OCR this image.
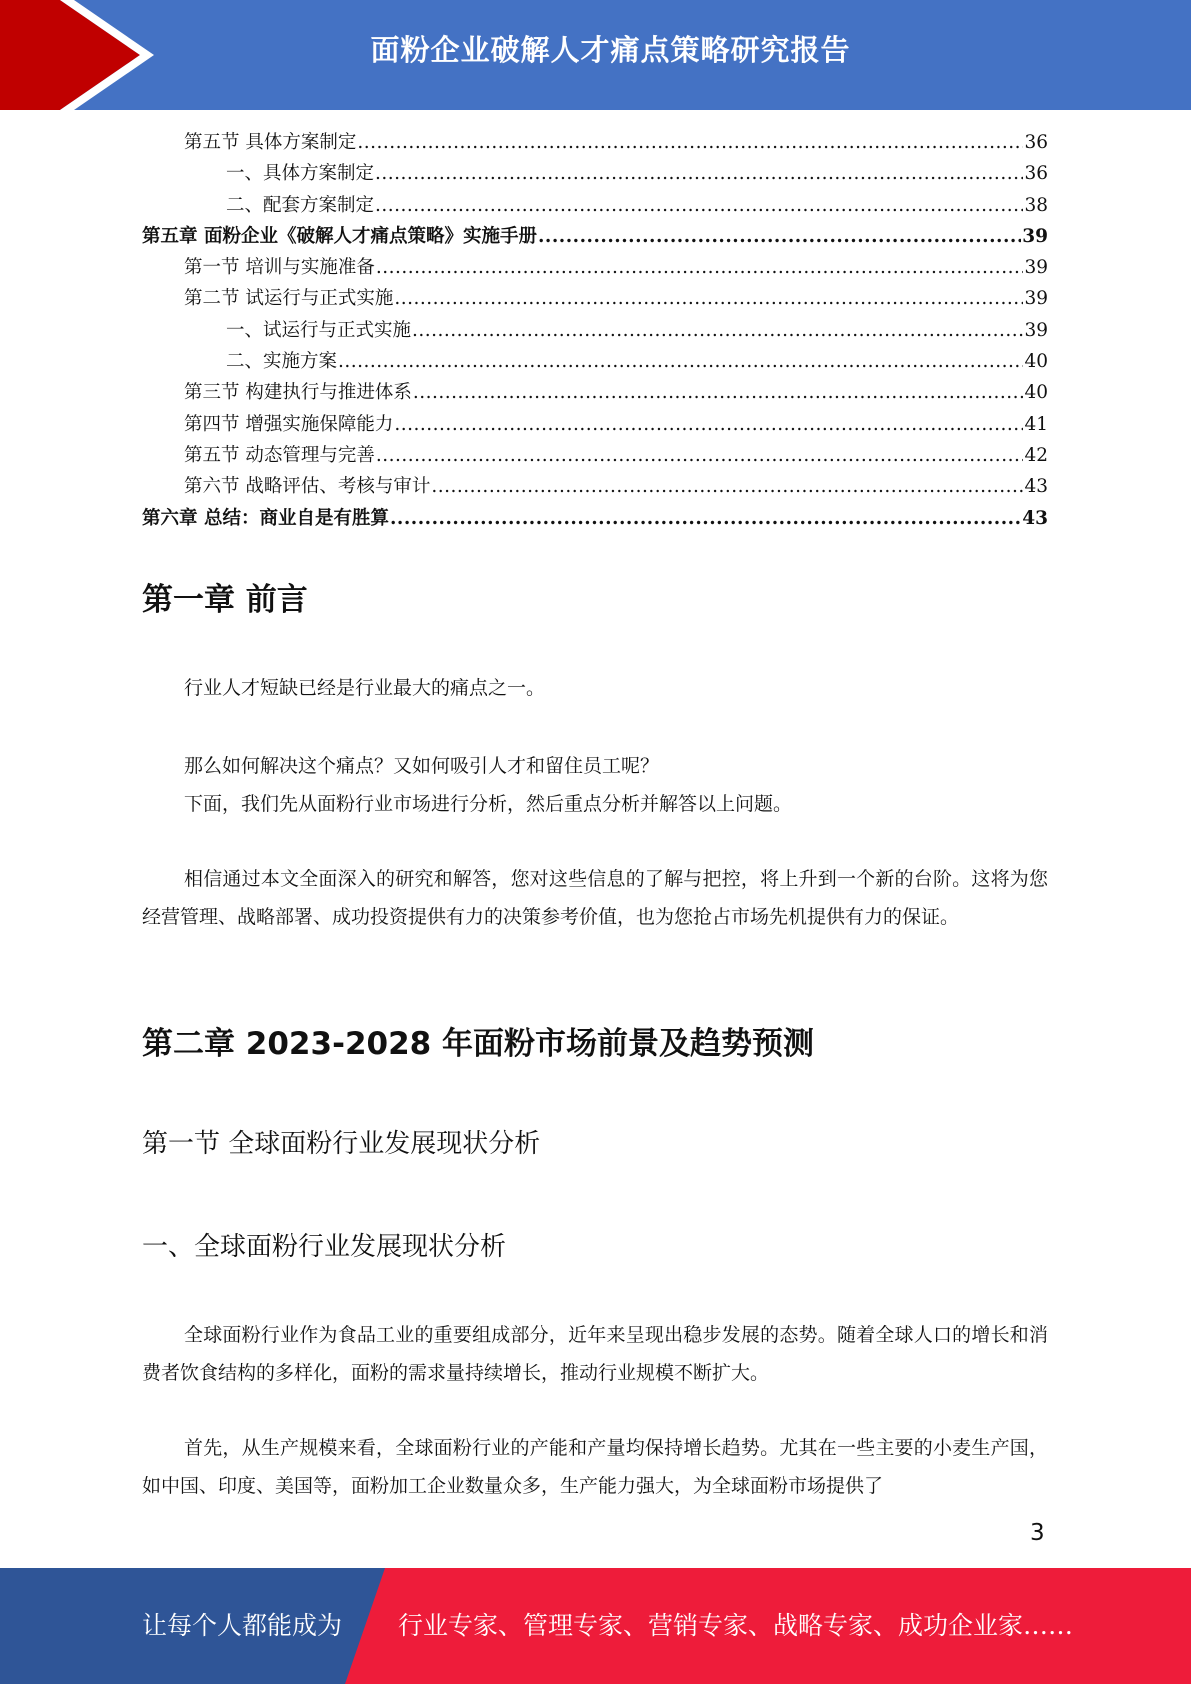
面粉企业破解人才痛点策略研究报告
第五节 具体方案制定 .....	36
一、具体方案制定 .....	36
二、配套方案制定 .....	38
第五章 面粉企业《破解人才痛点策略》实施手册 .....	39
第一节 培训与实施准备 .....	39
第二节 试运行与正式实施 .....	39
一、试运行与正式实施 .....	39
二、实施方案 .....	40
第三节 构建执行与推进体系 .....	40
第四节 增强实施保障能力 .....	41
第五节 动态管理与完善 .....	42
第六节 战略评估、考核与审计 .....	43
第六章 总结：商业自是有胜算 .....	43
第一章 前言
行业人才短缺已经是行业最大的痛点之一。
那么如何解决这个痛点？又如何吸引人才和留住员工呢？
下面，我们先从面粉行业市场进行分析，然后重点分析并解答以上问题。
相信通过本文全面深入的研究和解答，您对这些信息的了解与把控，将上升到一个新的台阶。这将为您经营管理、战略部署、成功投资提供有力的决策参考价值，也为您抢占市场先机提供有力的保证。
第二章 2023-2028 年面粉市场前景及趋势预测
第一节 全球面粉行业发展现状分析
一、全球面粉行业发展现状分析
全球面粉行业作为食品工业的重要组成部分，近年来呈现出稳步发展的态势。随着全球人口的增长和消费者饮食结构的多样化，面粉的需求量持续增长，推动行业规模不断扩大。
首先，从生产规模来看，全球面粉行业的产能和产量均保持增长趋势。尤其在一些主要的小麦生产国，如中国、印度、美国等，面粉加工企业数量众多，生产能力强大，为全球面粉市场提供了
3
让每个人都能成为 行业专家、管理专家、营销专家、战略专家、成功企业家……
